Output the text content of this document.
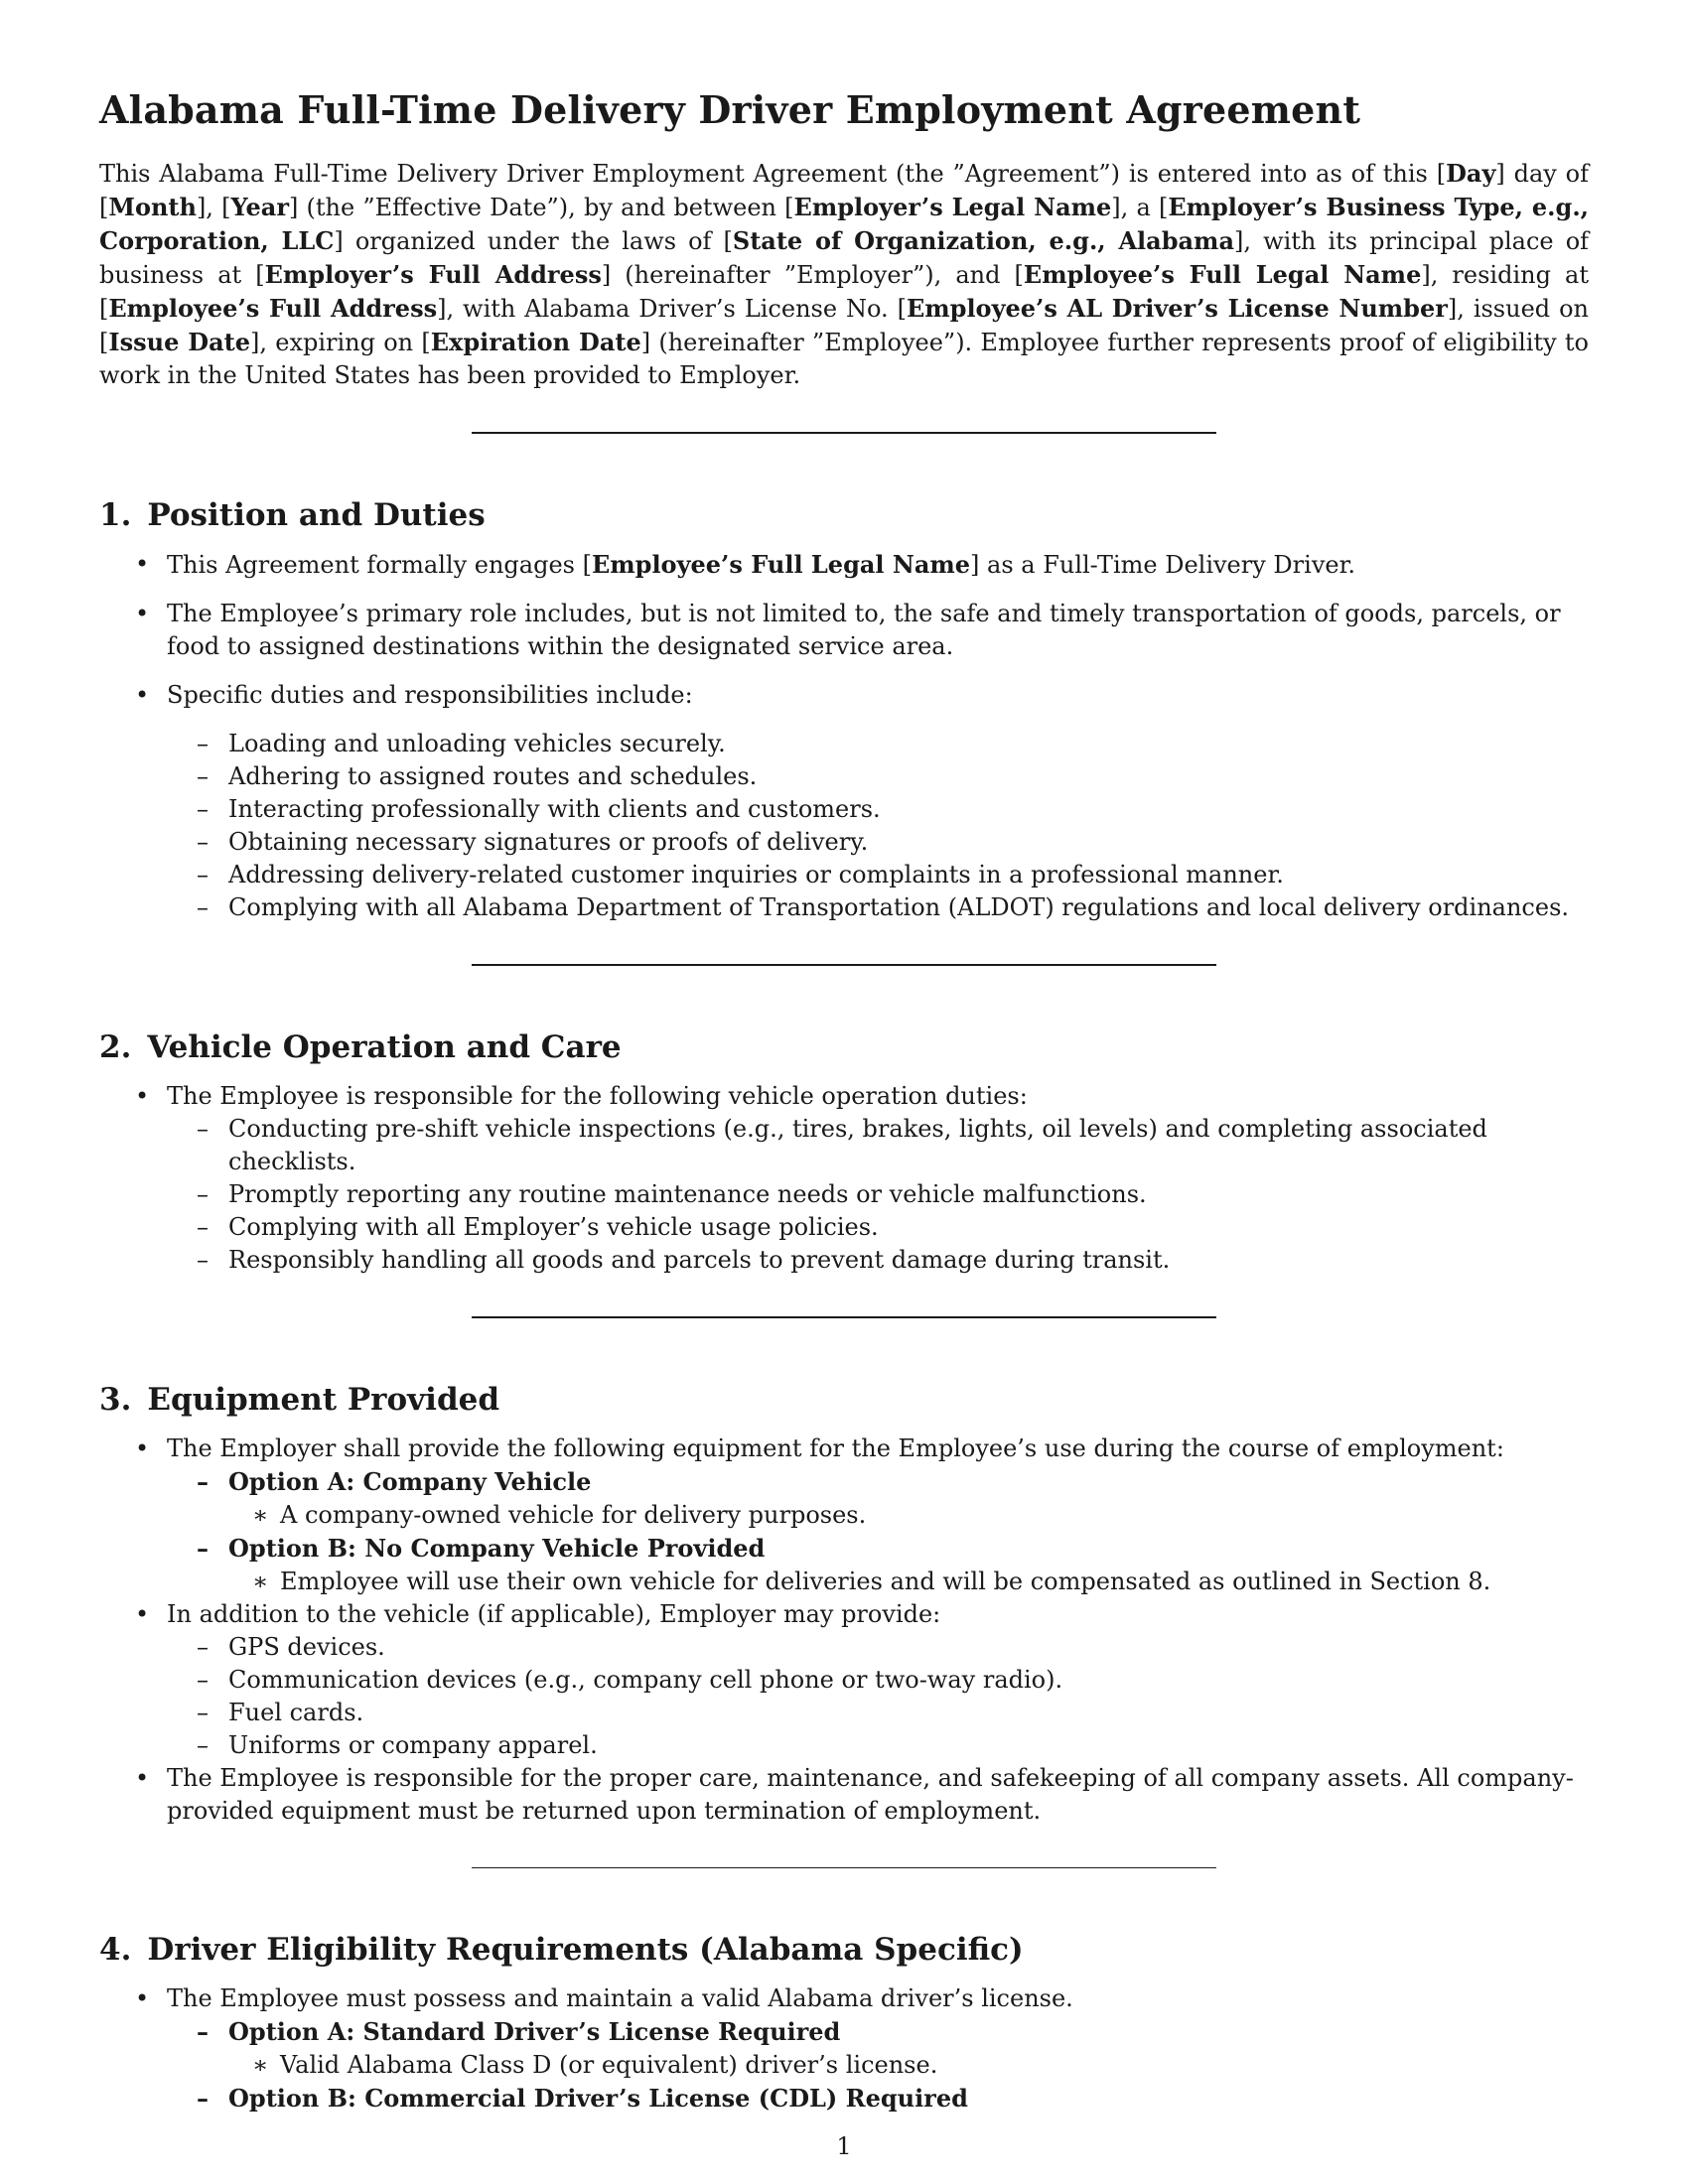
Alabama Full-Time Delivery Driver Employment Agreement

This Alabama Full-Time Delivery Driver Employment Agreement (the ”Agreement”) is entered into as of this [Day] day of [Month], [Year] (the ”Effective Date”), by and between [Employer’s Legal Name], a [Employer’s Business Type, e.g., Corporation, LLC] organized under the laws of [State of Organization, e.g., Alabama], with its principal place of business at [Employer’s Full Address] (hereinafter ”Employer”), and [Employee’s Full Legal Name], residing at [Employee’s Full Address], with Alabama Driver’s License No. [Employee’s AL Driver’s License Number], issued on [Issue Date], expiring on [Expiration Date] (hereinafter ”Employee”). Employee further represents proof of eligibility to work in the United States has been provided to Employer.

1. Position and Duties
• This Agreement formally engages [Employee’s Full Legal Name] as a Full-Time Delivery Driver.
• The Employee’s primary role includes, but is not limited to, the safe and timely transportation of goods, parcels, or food to assigned destinations within the designated service area.
• Specific duties and responsibilities include:
– Loading and unloading vehicles securely.
– Adhering to assigned routes and schedules.
– Interacting professionally with clients and customers.
– Obtaining necessary signatures or proofs of delivery.
– Addressing delivery-related customer inquiries or complaints in a professional manner.
– Complying with all Alabama Department of Transportation (ALDOT) regulations and local delivery ordinances.
2. Vehicle Operation and Care
• The Employee is responsible for the following vehicle operation duties:
– Conducting pre-shift vehicle inspections (e.g., tires, brakes, lights, oil levels) and completing associated checklists.
– Promptly reporting any routine maintenance needs or vehicle malfunctions.
– Complying with all Employer’s vehicle usage policies.
– Responsibly handling all goods and parcels to prevent damage during transit.
3. Equipment Provided
• The Employer shall provide the following equipment for the Employee’s use during the course of employment:
– Option A: Company Vehicle
∗ A company-owned vehicle for delivery purposes.
– Option B: No Company Vehicle Provided
∗ Employee will use their own vehicle for deliveries and will be compensated as outlined in Section 8.
• In addition to the vehicle (if applicable), Employer may provide:
– GPS devices.
– Communication devices (e.g., company cell phone or two-way radio).
– Fuel cards.
– Uniforms or company apparel.
• The Employee is responsible for the proper care, maintenance, and safekeeping of all company assets. All company-provided equipment must be returned upon termination of employment.
4. Driver Eligibility Requirements (Alabama Specific)
• The Employee must possess and maintain a valid Alabama driver’s license.
– Option A: Standard Driver’s License Required
∗ Valid Alabama Class D (or equivalent) driver’s license.
– Option B: Commercial Driver’s License (CDL) Required
1
